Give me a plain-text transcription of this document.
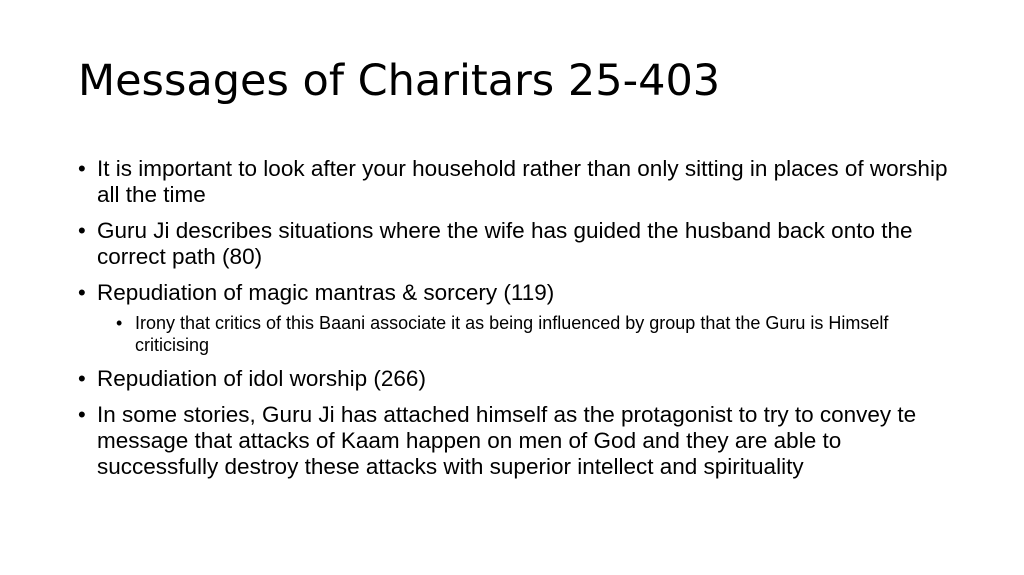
Messages of Charitars 25-403
• It is important to look after your household rather than only sitting in places of worship all the time
• Guru Ji describes situations where the wife has guided the husband back onto the correct path (80)
• Repudiation of magic mantras & sorcery (119)
• Irony that critics of this Baani associate it as being influenced by group that the Guru is Himself criticising
• Repudiation of idol worship (266)
• In some stories, Guru Ji has attached himself as the protagonist to try to convey te message that attacks of Kaam happen on men of God and they are able to successfully destroy these attacks with superior intellect and spirituality
